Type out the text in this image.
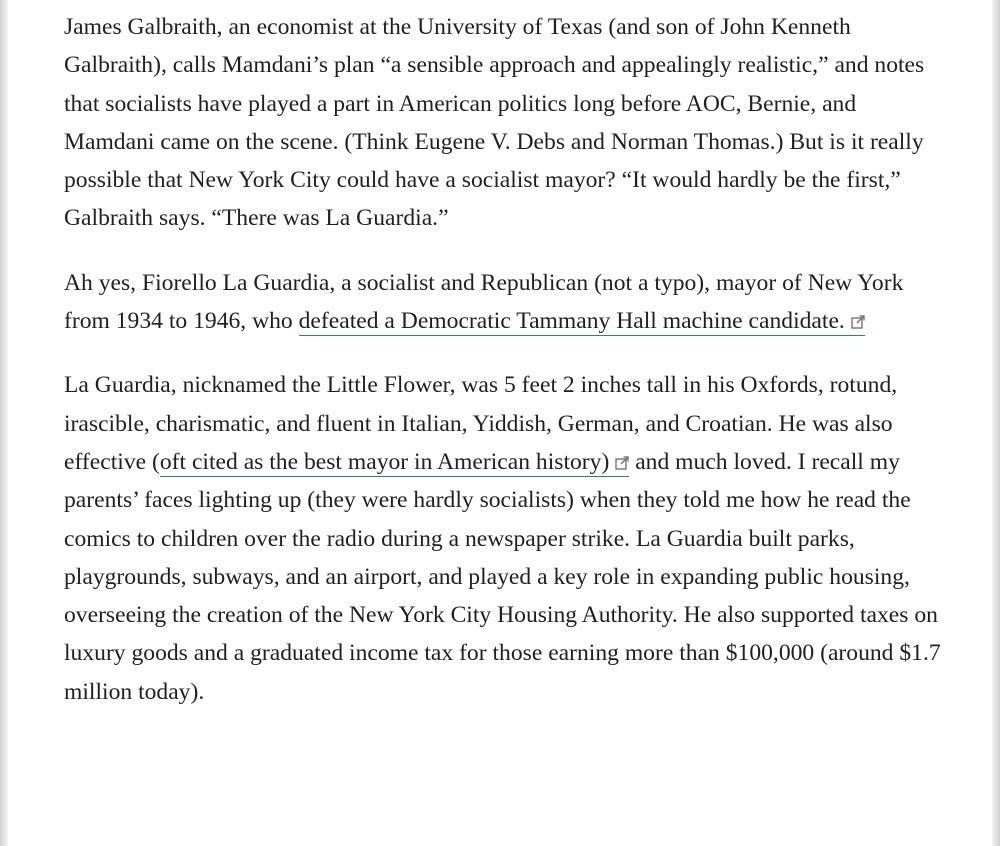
James Galbraith, an economist at the University of Texas (and son of John Kenneth Galbraith), calls Mamdani’s plan “a sensible approach and appealingly realistic,” and notes that socialists have played a part in American politics long before AOC, Bernie, and Mamdani came on the scene. (Think Eugene V. Debs and Norman Thomas.) But is it really possible that New York City could have a socialist mayor? “It would hardly be the first,” Galbraith says. “There was La Guardia.”

Ah yes, Fiorello La Guardia, a socialist and Republican (not a typo), mayor of New York from 1934 to 1946, who defeated a Democratic Tammany Hall machine candidate.

La Guardia, nicknamed the Little Flower, was 5 feet 2 inches tall in his Oxfords, rotund, irascible, charismatic, and fluent in Italian, Yiddish, German, and Croatian. He was also effective (oft cited as the best mayor in American history)
and much loved. I recall my parents’ faces lighting up (they were hardly socialists) when they told me how he read the comics to children over the radio during a newspaper strike. La Guardia built parks, playgrounds, subways, and an airport, and played a key role in expanding public housing, overseeing the creation of the New York City Housing Authority. He also supported taxes on luxury goods and a graduated income tax for those earning more than $100,000 (around $1.7 million today).
